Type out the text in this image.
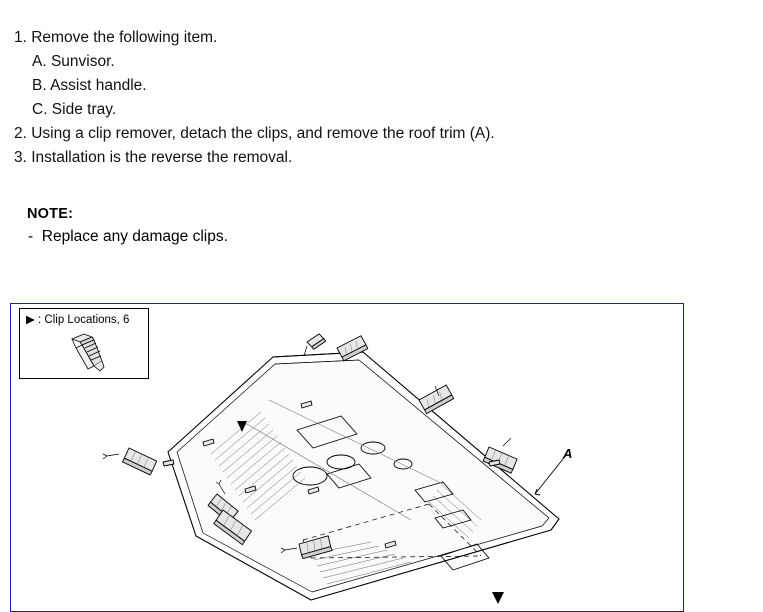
1. Remove the following item.
A. Sunvisor.
B. Assist handle.
C. Side tray.
2. Using a clip remover, detach the clips, and remove the roof trim (A).
3. Installation is the reverse the removal.
NOTE:
-  Replace any damage clips.
▶ : Clip Locations, 6
A
